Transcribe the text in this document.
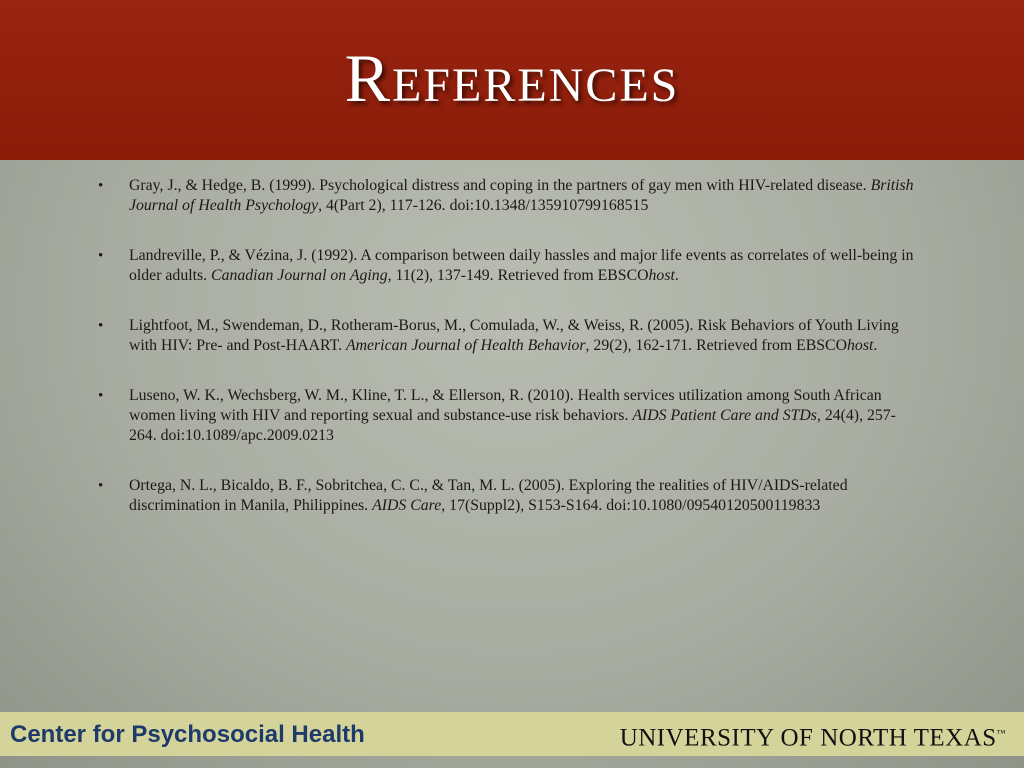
References
• Gray, J., & Hedge, B. (1999). Psychological distress and coping in the partners of gay men with HIV-related disease. British Journal of Health Psychology, 4(Part 2), 117-126. doi:10.1348/135910799168515
• Landreville, P., & Vézina, J. (1992). A comparison between daily hassles and major life events as correlates of well-being in older adults. Canadian Journal on Aging, 11(2), 137-149. Retrieved from EBSCOhost.
• Lightfoot, M., Swendeman, D., Rotheram-Borus, M., Comulada, W., & Weiss, R. (2005). Risk Behaviors of Youth Living with HIV: Pre- and Post-HAART. American Journal of Health Behavior, 29(2), 162-171. Retrieved from EBSCOhost.
• Luseno, W. K., Wechsberg, W. M., Kline, T. L., & Ellerson, R. (2010). Health services utilization among South African women living with HIV and reporting sexual and substance-use risk behaviors. AIDS Patient Care and STDs, 24(4), 257-264. doi:10.1089/apc.2009.0213
• Ortega, N. L., Bicaldo, B. F., Sobritchea, C. C., & Tan, M. L. (2005). Exploring the realities of HIV/AIDS-related discrimination in Manila, Philippines. AIDS Care, 17(Suppl2), S153-S164. doi:10.1080/09540120500119833
Center for Psychosocial Health	UNIVERSITY OF NORTH TEXAS™
